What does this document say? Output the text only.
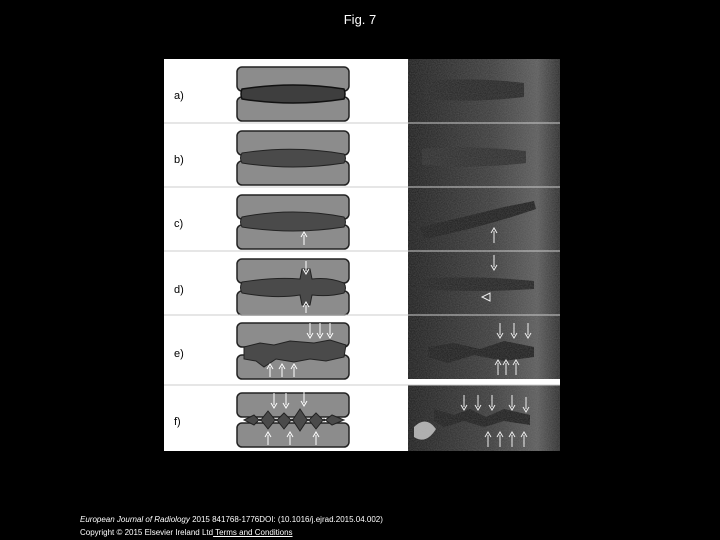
Fig. 7
a)
b)
c)
d)
e)
f)
European Journal of Radiology 2015 841768-1776DOI: (10.1016/j.ejrad.2015.04.002)
Copyright © 2015 Elsevier Ireland Ltd Terms and Conditions
